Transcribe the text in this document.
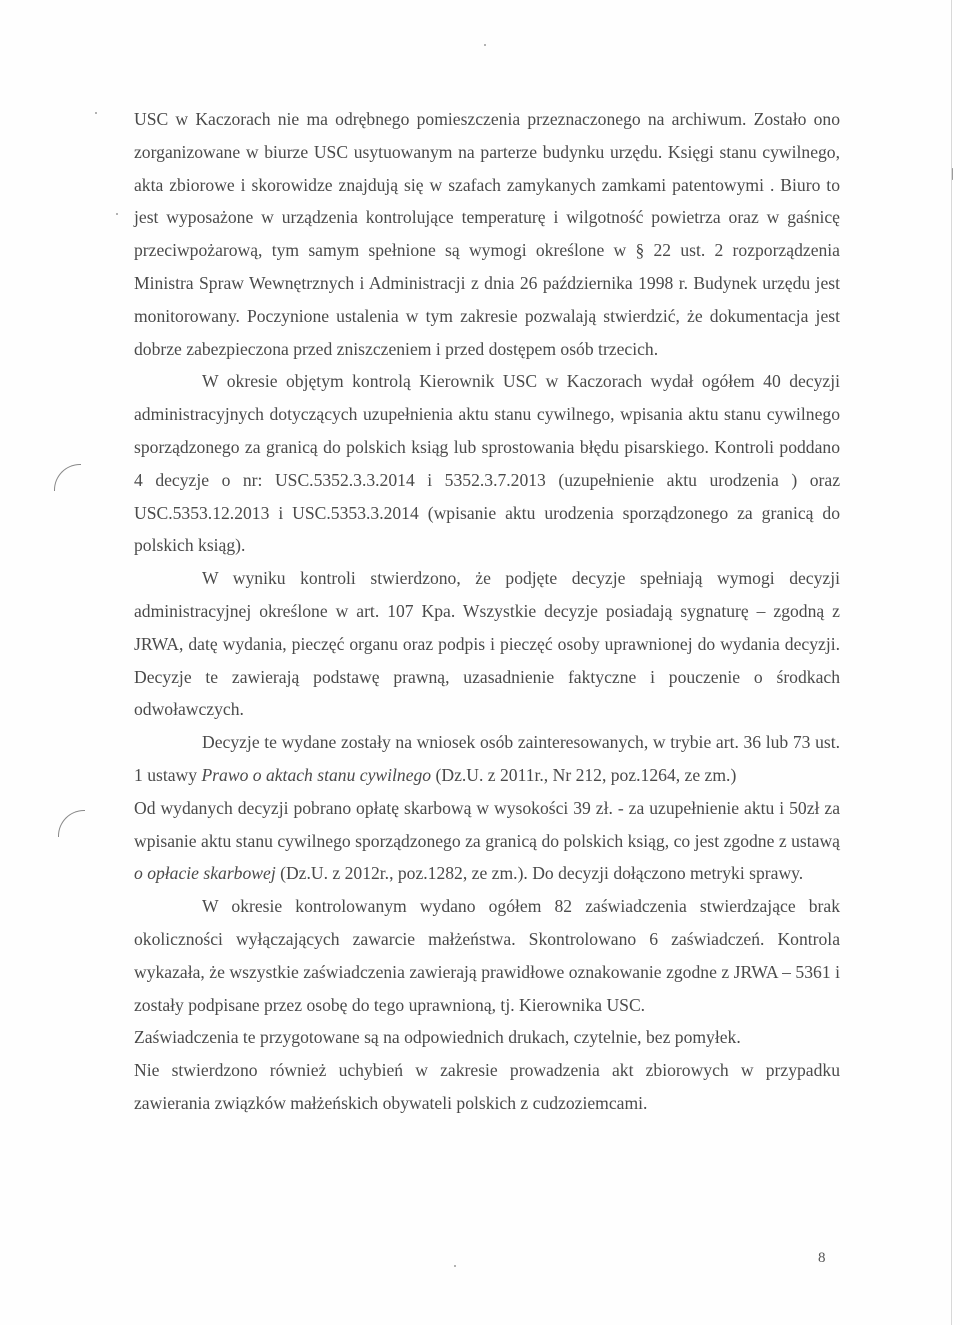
USC w Kaczorach nie ma odrębnego pomieszczenia przeznaczonego na archiwum. Zostało ono zorganizowane w biurze USC usytuowanym na parterze budynku urzędu. Księgi stanu cywilnego, akta zbiorowe i skorowidze znajdują się w szafach zamykanych zamkami patentowymi . Biuro to jest wyposażone w urządzenia kontrolujące temperaturę i wilgotność powietrza oraz w gaśnicę przeciwpożarową, tym samym spełnione są wymogi określone w § 22 ust. 2 rozporządzenia Ministra Spraw Wewnętrznych i Administracji z dnia 26 października 1998 r. Budynek urzędu jest monitorowany. Poczynione ustalenia w tym zakresie pozwalają stwierdzić, że dokumentacja jest dobrze zabezpieczona przed zniszczeniem i przed dostępem osób trzecich.

W okresie objętym kontrolą Kierownik USC w Kaczorach wydał ogółem 40 decyzji administracyjnych dotyczących uzupełnienia aktu stanu cywilnego, wpisania aktu stanu cywilnego sporządzonego za granicą do polskich ksiąg lub sprostowania błędu pisarskiego. Kontroli poddano 4 decyzje o nr: USC.5352.3.3.2014 i 5352.3.7.2013 (uzupełnienie aktu urodzenia ) oraz USC.5353.12.2013 i USC.5353.3.2014 (wpisanie aktu urodzenia sporządzonego za granicą do polskich ksiąg).

W wyniku kontroli stwierdzono, że podjęte decyzje spełniają wymogi decyzji administracyjnej określone w art. 107 Kpa. Wszystkie decyzje posiadają sygnaturę – zgodną z JRWA, datę wydania, pieczęć organu oraz podpis i pieczęć osoby uprawnionej do wydania decyzji. Decyzje te zawierają podstawę prawną, uzasadnienie faktyczne i pouczenie o środkach odwoławczych.

Decyzje te wydane zostały na wniosek osób zainteresowanych, w trybie art. 36 lub 73 ust. 1 ustawy Prawo o aktach stanu cywilnego (Dz.U. z 2011r., Nr 212, poz.1264, ze zm.)

Od wydanych decyzji pobrano opłatę skarbową w wysokości 39 zł. - za uzupełnienie aktu i 50zł za wpisanie aktu stanu cywilnego sporządzonego za granicą do polskich ksiąg, co jest zgodne z ustawą o opłacie skarbowej (Dz.U. z 2012r., poz.1282, ze zm.). Do decyzji dołączono metryki sprawy.

W okresie kontrolowanym wydano ogółem 82 zaświadczenia stwierdzające brak okoliczności wyłączających zawarcie małżeństwa. Skontrolowano 6 zaświadczeń. Kontrola wykazała, że wszystkie zaświadczenia zawierają prawidłowe oznakowanie zgodne z JRWA – 5361 i zostały podpisane przez osobę do tego uprawnioną, tj. Kierownika USC.

Zaświadczenia te przygotowane są na odpowiednich drukach, czytelnie, bez pomyłek.

Nie stwierdzono również uchybień w zakresie prowadzenia akt zbiorowych w przypadku zawierania związków małżeńskich obywateli polskich z cudzoziemcami.

8
